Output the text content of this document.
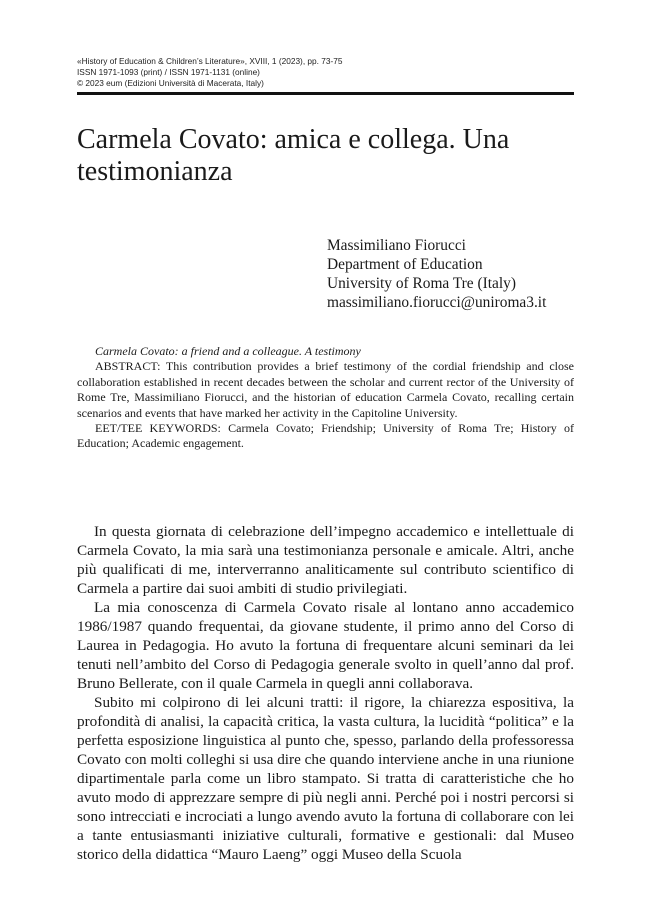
«History of Education & Children’s Literature», XVIII, 1 (2023), pp. 73-75
ISSN 1971-1093 (print) / ISSN 1971-1131 (online)
© 2023 eum (Edizioni Università di Macerata, Italy)
Carmela Covato: amica e collega. Una testimonianza
Massimiliano Fiorucci
Department of Education
University of Roma Tre (Italy)
massimiliano.fiorucci@uniroma3.it

Carmela Covato: a friend and a colleague. A testimony

ABSTRACT: This contribution provides a brief testimony of the cordial friendship and close collaboration established in recent decades between the scholar and current rector of the University of Rome Tre, Massimiliano Fiorucci, and the historian of education Carmela Covato, recalling certain scenarios and events that have marked her activity in the Capitoline University.

EET/TEE KEYWORDS: Carmela Covato; Friendship; University of Roma Tre; History of Education; Academic engagement.

In questa giornata di celebrazione dell’impegno accademico e intellettuale di Carmela Covato, la mia sarà una testimonianza personale e amicale. Altri, anche più qualificati di me, interverranno analiticamente sul contributo scientifico di Carmela a partire dai suoi ambiti di studio privilegiati.

La mia conoscenza di Carmela Covato risale al lontano anno accademico 1986/1987 quando frequentai, da giovane studente, il primo anno del Corso di Laurea in Pedagogia. Ho avuto la fortuna di frequentare alcuni seminari da lei tenuti nell’ambito del Corso di Pedagogia generale svolto in quell’anno dal prof. Bruno Bellerate, con il quale Carmela in quegli anni collaborava.

Subito mi colpirono di lei alcuni tratti: il rigore, la chiarezza espositiva, la profondità di analisi, la capacità critica, la vasta cultura, la lucidità “politica” e la perfetta esposizione linguistica al punto che, spesso, parlando della professoressa Covato con molti colleghi si usa dire che quando interviene anche in una riunione dipartimentale parla come un libro stampato. Si tratta di caratteristiche che ho avuto modo di apprezzare sempre di più negli anni. Perché poi i nostri percorsi si sono intrecciati e incrociati a lungo avendo avuto la fortuna di collaborare con lei a tante entusiasmanti iniziative culturali, formative e gestionali: dal Museo storico della didattica “Mauro Laeng” oggi Museo della Scuola
